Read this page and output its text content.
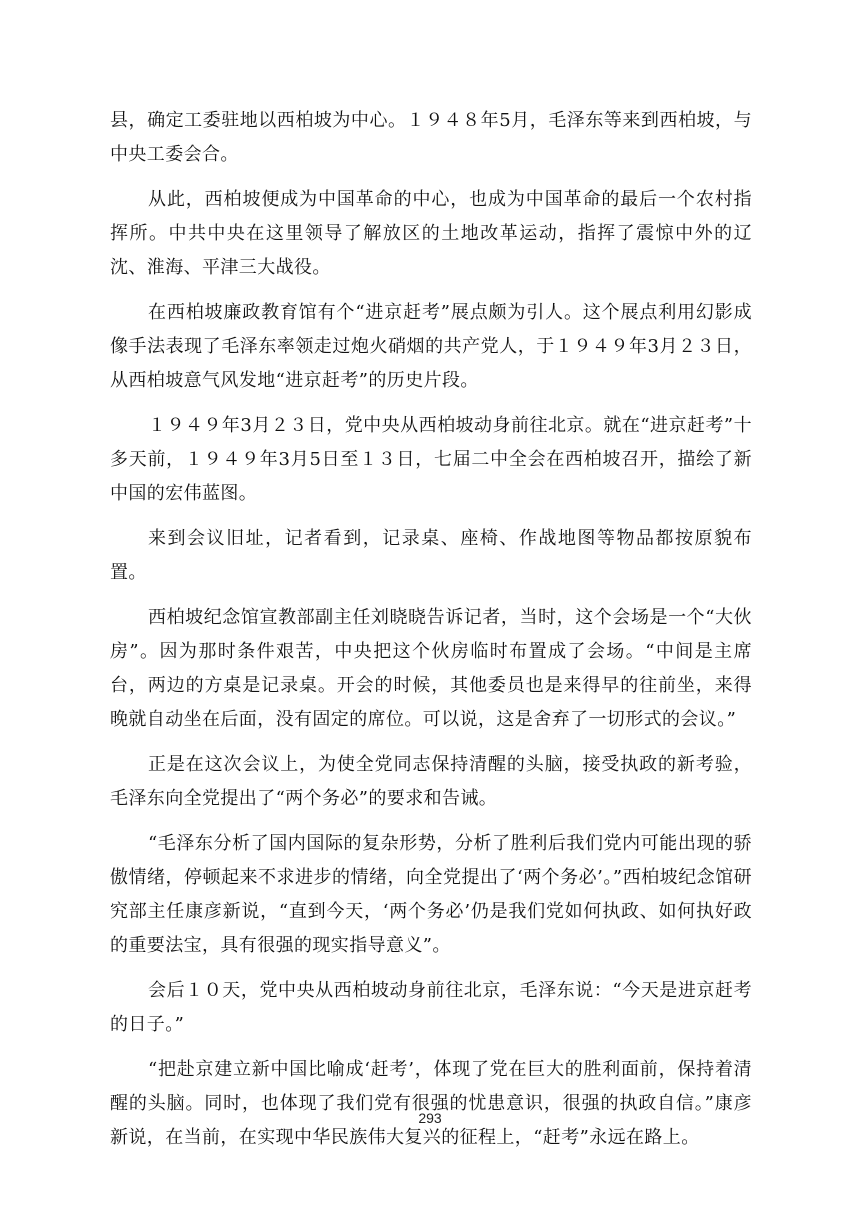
县，确定工委驻地以西柏坡为中心。１９４８年5月，毛泽东等来到西柏坡，与中央工委会合。

从此，西柏坡便成为中国革命的中心，也成为中国革命的最后一个农村指挥所。中共中央在这里领导了解放区的土地改革运动，指挥了震惊中外的辽沈、淮海、平津三大战役。

在西柏坡廉政教育馆有个“进京赶考”展点颇为引人。这个展点利用幻影成像手法表现了毛泽东率领走过炮火硝烟的共产党人，于１９４９年3月２３日，从西柏坡意气风发地“进京赶考”的历史片段。

１９４９年3月２３日，党中央从西柏坡动身前往北京。就在“进京赶考”十多天前，１９４９年3月5日至１３日，七届二中全会在西柏坡召开，描绘了新中国的宏伟蓝图。

来到会议旧址，记者看到，记录桌、座椅、作战地图等物品都按原貌布置。

西柏坡纪念馆宣教部副主任刘晓晓告诉记者，当时，这个会场是一个“大伙房”。因为那时条件艰苦，中央把这个伙房临时布置成了会场。“中间是主席台，两边的方桌是记录桌。开会的时候，其他委员也是来得早的往前坐，来得晚就自动坐在后面，没有固定的席位。可以说，这是舍弃了一切形式的会议。”

正是在这次会议上，为使全党同志保持清醒的头脑，接受执政的新考验，毛泽东向全党提出了“两个务必”的要求和告诫。

“毛泽东分析了国内国际的复杂形势，分析了胜利后我们党内可能出现的骄傲情绪，停顿起来不求进步的情绪，向全党提出了‘两个务必’。”西柏坡纪念馆研究部主任康彦新说，“直到今天，‘两个务必’仍是我们党如何执政、如何执好政的重要法宝，具有很强的现实指导意义”。

会后１０天，党中央从西柏坡动身前往北京，毛泽东说：“今天是进京赶考的日子。”

“把赴京建立新中国比喻成‘赶考’，体现了党在巨大的胜利面前，保持着清醒的头脑。同时，也体现了我们党有很强的忧患意识，很强的执政自信。”康彦新说，在当前，在实现中华民族伟大复兴的征程上，“赶考”永远在路上。

293
